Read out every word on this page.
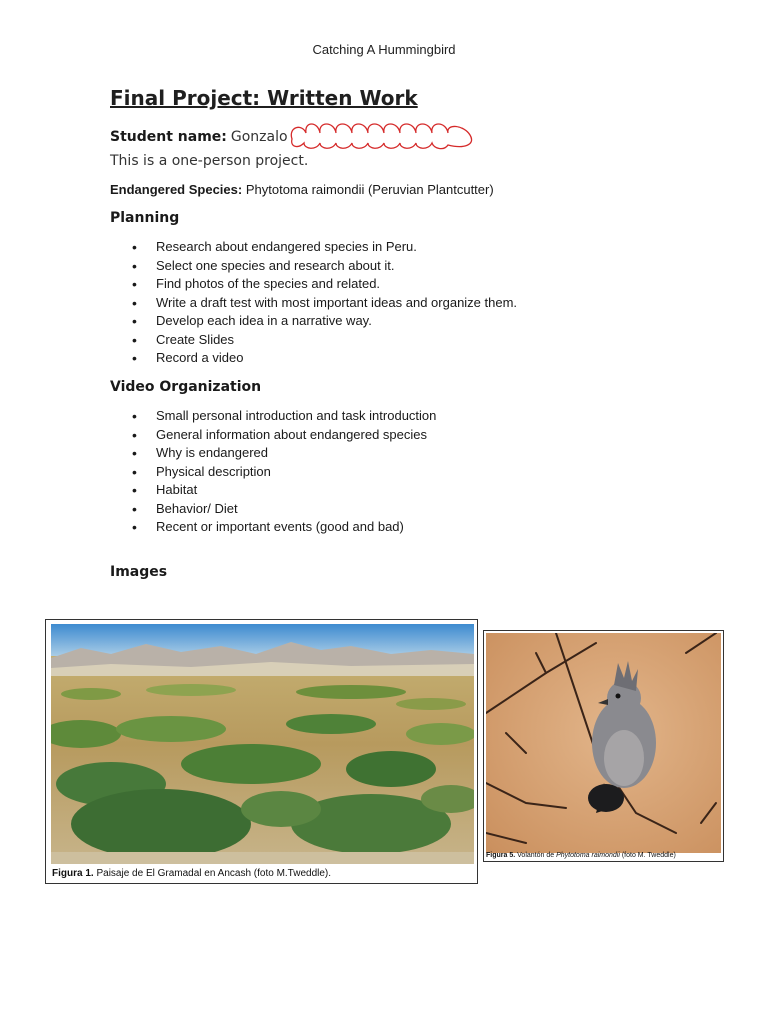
Catching A Hummingbird
Final Project: Written Work
Student name: Gonzalo
This is a one-person project.
Endangered Species: Phytotoma raimondii (Peruvian Plantcutter)
Planning
• Research about endangered species in Peru.
• Select one species and research about it.
• Find photos of the species and related.
• Write a draft test with most important ideas and organize them.
• Develop each idea in a narrative way.
• Create Slides
• Record a video
Video Organization
• Small personal introduction and task introduction
• General information about endangered species
• Why is endangered
• Physical description
• Habitat
• Behavior/ Diet
• Recent or important events (good and bad)
Images
Figura 1. Paisaje de El Gramadal en Ancash (foto M.Tweddle).
Figura 5. Volantón de Phytotoma raimondii (foto M. Tweddle)
